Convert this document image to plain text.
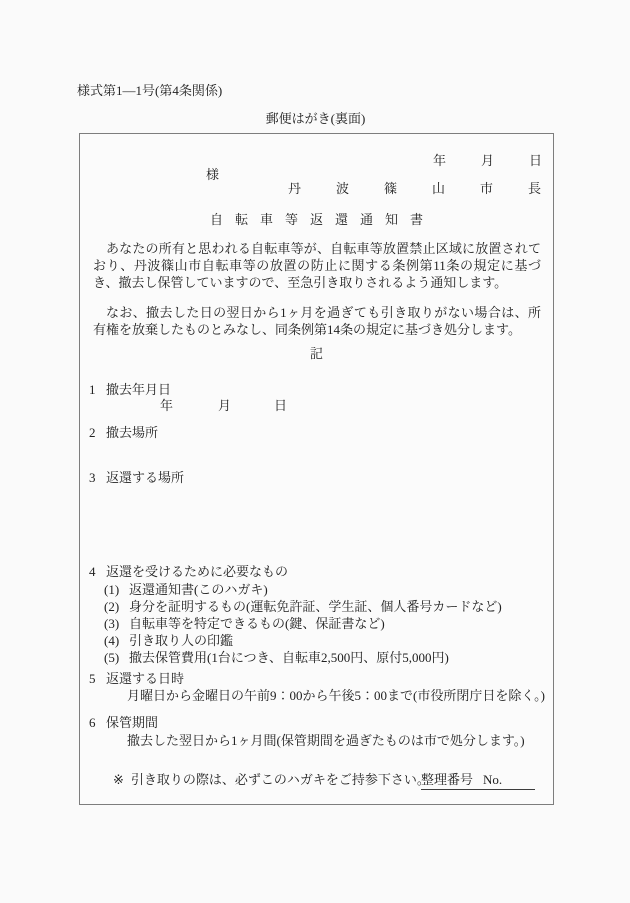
様式第1—1号(第4条関係)
郵便はがき(裏面)
年	月	日
様
丹波篠山市長
自転車等返還通知書

あなたの所有と思われる自転車等が、自転車等放置禁止区域に放置されており、丹波篠山市自転車等の放置の防止に関する条例第11条の規定に基づき、撤去し保管していますので、至急引き取りされるよう通知します。

なお、撤去した日の翌日から1ヶ月を過ぎても引き取りがない場合は、所有権を放棄したものとみなし、同条例第14条の規定に基づき処分します。

記
1 撤去年月日
年	月	日
2 撤去場所
3 返還する場所
4 返還を受けるために必要なもの
(1) 返還通知書(このハガキ)
(2) 身分を証明するもの(運転免許証、学生証、個人番号カードなど)
(3) 自転車等を特定できるもの(鍵、保証書など)
(4) 引き取り人の印鑑
(5) 撤去保管費用(1台につき、自転車2,500円、原付5,000円)
5 返還する日時
月曜日から金曜日の午前9：00から午後5：00まで(市役所閉庁日を除く。)
6 保管期間
撤去した翌日から1ヶ月間(保管期間を過ぎたものは市で処分します。)
※ 引き取りの際は、必ずこのハガキをご持参下さい。
整理番号 No.
